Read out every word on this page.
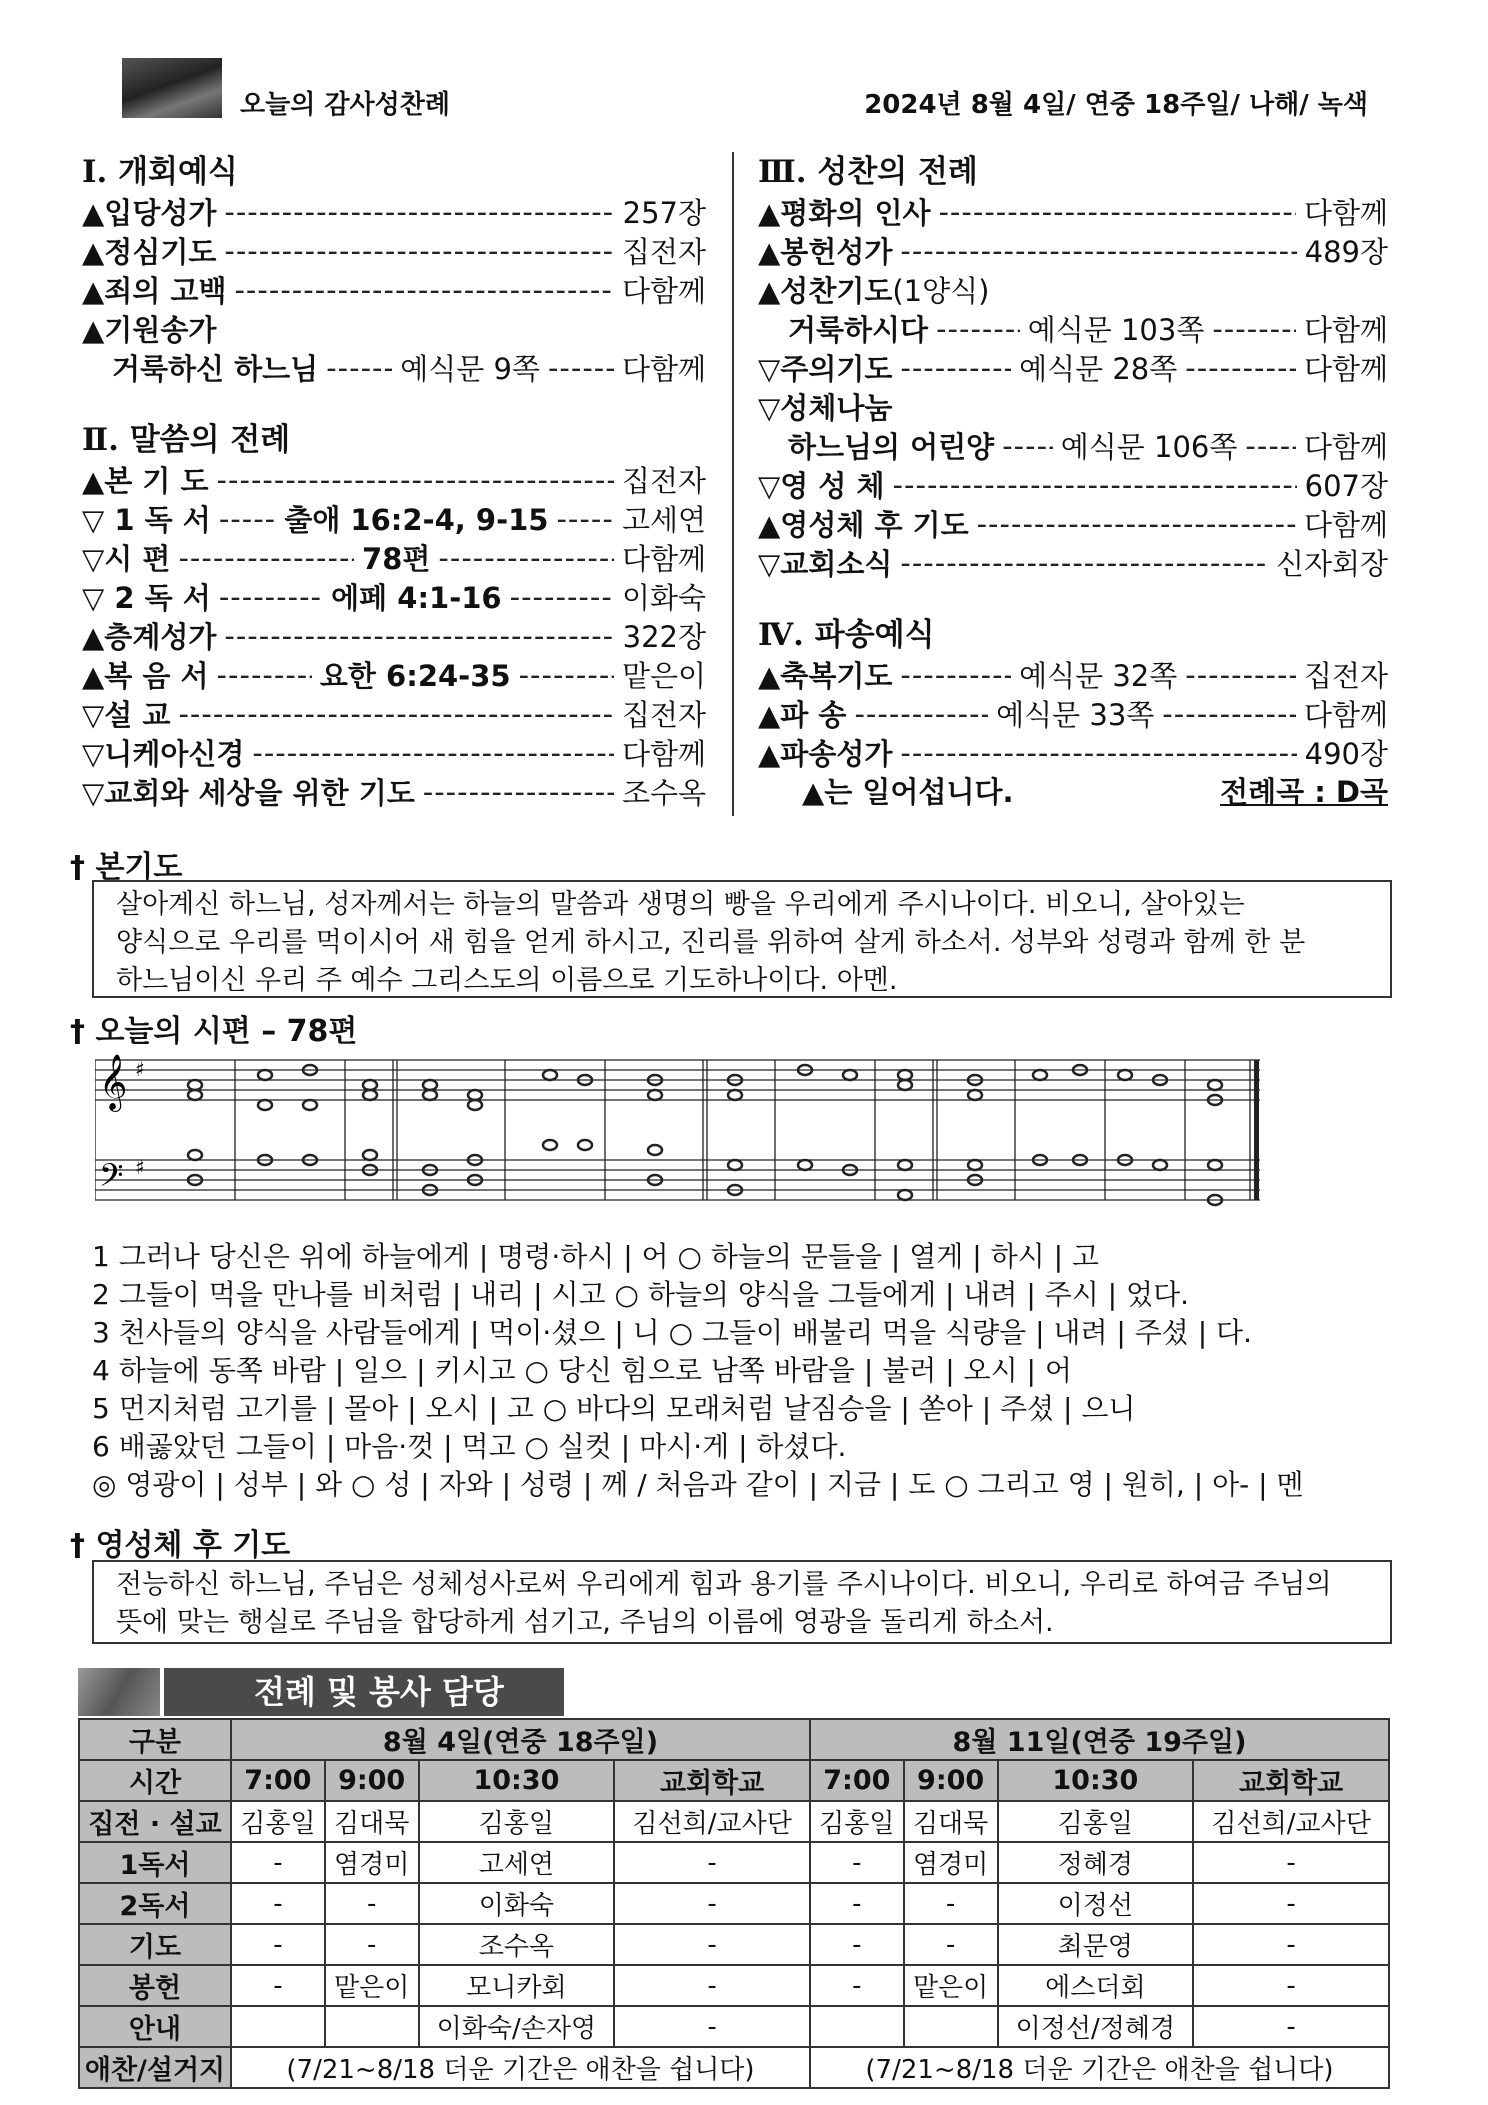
오늘의 감사성찬례	2024년 8월 4일/ 연중 18주일/ 나해/ 녹색
Ⅰ. 개회예식
▲입당성가 -----	257장
▲정심기도 -----	집전자
▲죄의 고백 -----	다함께
▲기원송가
거룩하신 하느님 -----	예식문 9쪽 -----	다함께
Ⅱ. 말씀의 전례
▲본 기 도 -----	집전자
▽ 1 독 서 -----	출애 16:2-4, 9-15 -----	고세연
▽시 편 -----	78편 -----	다함께
▽ 2 독 서 -----	에페 4:1-16 -----	이화숙
▲층계성가 -----	322장
▲복 음 서 -----	요한 6:24-35 -----	맡은이
▽설 교 -----	집전자
▽니케아신경 -----	다함께
▽교회와 세상을 위한 기도 -----	조수옥
Ⅲ. 성찬의 전례
▲평화의 인사 -----	다함께
▲봉헌성가 -----	489장
▲성찬기도 (1양식)
거룩하시다 -----	예식문 103쪽 -----	다함께
▽주의기도 -----	예식문 28쪽 -----	다함께
▽성체나눔
하느님의 어린양 ----- 예식문 106쪽 ----- 다함께
▽영 성 체 -----	607장
▲영성체 후 기도 -----	다함께
▽교회소식 -----	신자회장
Ⅳ. 파송예식
▲축복기도 -----	예식문 32쪽 -----	집전자
▲파 송 -----	예식문 33쪽 -----	다함께
▲파송성가 -----	490장
▲는 일어섭니다.	전례곡 : D곡
† 본기도
살아계신 하느님, 성자께서는 하늘의 말씀과 생명의 빵을 우리에게 주시나이다. 비오니, 살아있는
양식으로 우리를 먹이시어 새 힘을 얻게 하시고, 진리를 위하여 살게 하소서. 성부와 성령과 함께 한 분
하느님이신 우리 주 예수 그리스도의 이름으로 기도하나이다. 아멘.
† 오늘의 시편 – 78편
𝄞
𝄢
♯
♯
1 그러나 당신은 위에 하늘에게 | 명령·하시 | 어 ○ 하늘의 문들을 | 열게 | 하시 | 고
2 그들이 먹을 만나를 비처럼 | 내리 | 시고 ○ 하늘의 양식을 그들에게 | 내려 | 주시 | 었다.
3 천사들의 양식을 사람들에게 | 먹이·셨으 | 니 ○ 그들이 배불리 먹을 식량을 | 내려 | 주셨 | 다.
4 하늘에 동쪽 바람 | 일으 | 키시고 ○ 당신 힘으로 남쪽 바람을 | 불러 | 오시 | 어
5 먼지처럼 고기를 | 몰아 | 오시 | 고 ○ 바다의 모래처럼 날짐승을 | 쏟아 | 주셨 | 으니
6 배곯았던 그들이 | 마음·껏 | 먹고 ○ 실컷 | 마시·게 | 하셨다.
◎ 영광이 | 성부 | 와 ○ 성 | 자와 | 성령 | 께 / 처음과 같이 | 지금 | 도 ○ 그리고 영 | 원히, | 아- | 멘
† 영성체 후 기도
전능하신 하느님, 주님은 성체성사로써 우리에게 힘과 용기를 주시나이다. 비오니, 우리로 하여금 주님의
뜻에 맞는 행실로 주님을 합당하게 섬기고, 주님의 이름에 영광을 돌리게 하소서.
전례 및 봉사 담당
구분	8월 4일(연중 18주일)				8월 11일(연중 19주일)			
시간	7:00	9:00	10:30	교회학교	7:00	9:00	10:30	교회학교
집전 · 설교	김홍일	김대묵	김홍일	김선희/교사단	김홍일	김대묵	김홍일	김선희/교사단
1독서	-	염경미	고세연	-	-	염경미	정혜경	-
2독서	-	-	이화숙	-	-	-	이정선	-
기도	-	-	조수옥	-	-	-	최문영	-
봉헌	-	맡은이	모니카회	-	-	맡은이	에스더회	-
안내			이화숙/손자영	-			이정선/정혜경	-
애찬/설거지	(7/21~8/18 더운 기간은 애찬을 쉽니다)				(7/21~8/18 더운 기간은 애찬을 쉽니다)			
